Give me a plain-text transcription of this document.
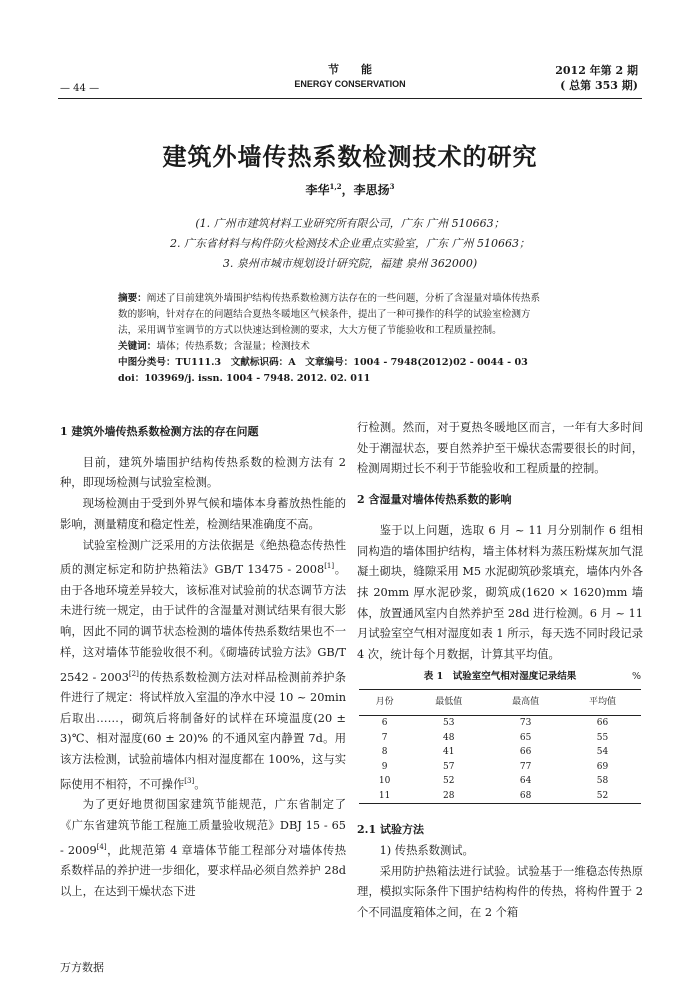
— 44 —
节　　能
ENERGY CONSERVATION
2012 年第 2 期
( 总第 353 期)
建筑外墙传热系数检测技术的研究
李华$^{1,2}$，李思扬$^3$
(1. 广州市建筑材料工业研究所有限公司，广东 广州 510663；
2. 广东省材料与构件防火检测技术企业重点实验室，广东 广州 510663；
3. 泉州市城市规划设计研究院，福建 泉州 362000)
摘要：阐述了目前建筑外墙围护结构传热系数检测方法存在的一些问题，分析了含湿量对墙体传热系
数的影响，针对存在的问题结合夏热冬暖地区气候条件，提出了一种可操作的科学的试验室检测方
法，采用调节室调节的方式以快速达到检测的要求，大大方便了节能验收和工程质量控制。
关键词：墙体；传热系数；含湿量；检测技术
中图分类号：TU111.3　文献标识码：A　文章编号：1004 - 7948(2012)02 - 0044 - 03
doi：103969/j. issn. 1004 - 7948. 2012. 02. 011

1 建筑外墙传热系数检测方法的存在问题

目前，建筑外墙围护结构传热系数的检测方法有 2 种，即现场检测与试验室检测。

现场检测由于受到外界气候和墙体本身蓄放热性能的影响，测量精度和稳定性差，检测结果准确度不高。

试验室检测广泛采用的方法依据是《绝热稳态传热性质的测定标定和防护热箱法》GB/T 13475 - 2008[1]。由于各地环境差异较大，该标准对试验前的状态调节方法未进行统一规定，由于试件的含湿量对测试结果有很大影响，因此不同的调节状态检测的墙体传热系数结果也不一样，这对墙体节能验收很不利。《砌墙砖试验方法》GB/T 2542 - 2003[2]的传热系数检测方法对样品检测前养护条件进行了规定：将试样放入室温的净水中浸 10 ~ 20min 后取出……，砌筑后将制备好的试样在环境温度(20 ± 3)℃、相对湿度(60 ± 20)% 的不通风室内静置 7d。用该方法检测，试验前墙体内相对湿度都在 100%，这与实际使用不相符，不可操作[3]。

为了更好地贯彻国家建筑节能规范，广东省制定了《广东省建筑节能工程施工质量验收规范》DBJ 15 - 65 - 2009[4]，此规范第 4 章墙体节能工程部分对墙体传热系数样品的养护进一步细化，要求样品必须自然养护 28d 以上，在达到干燥状态下进

行检测。然而，对于夏热冬暖地区而言，一年有大多时间处于潮湿状态，要自然养护至干燥状态需要很长的时间，检测周期过长不利于节能验收和工程质量的控制。

2 含湿量对墙体传热系数的影响

鉴于以上问题，选取 6 月 ~ 11 月分别制作 6 组相同构造的墙体围护结构，墙主体材料为蒸压粉煤灰加气混凝土砌块，缝隙采用 M5 水泥砌筑砂浆填充，墙体内外各抹 20mm 厚水泥砂浆，砌筑成(1620 × 1620)mm 墙体，放置通风室内自然养护至 28d 进行检测。6 月 ~ 11 月试验室空气相对湿度如表 1 所示，每天选不同时段记录 4 次，统计每个月数据，计算其平均值。

表 1　试验室空气相对湿度记录结果	%
月份	最低值	最高值	平均值
6	53	73	66
7	48	65	55
8	41	66	54
9	57	77	69
10	52	64	58
11	28	68	52

2.1 试验方法

1) 传热系数测试。

采用防护热箱法进行试验。试验基于一维稳态传热原理，模拟实际条件下围护结构构件的传热，将构件置于 2 个不同温度箱体之间，在 2 个箱

万方数据
